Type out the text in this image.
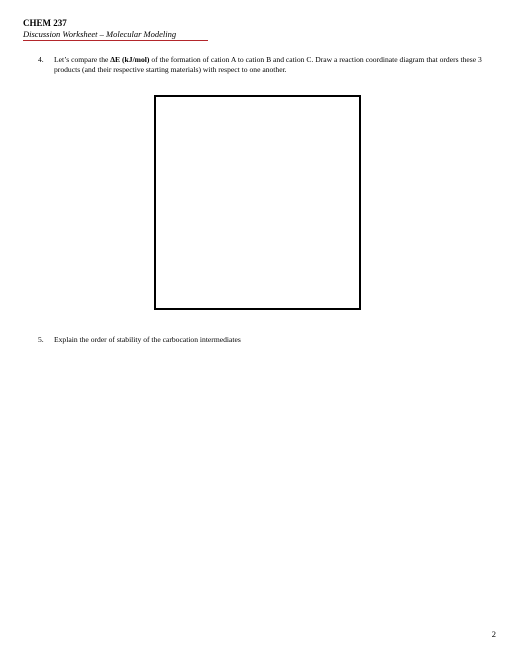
CHEM 237
Discussion Worksheet – Molecular Modeling
4.	Let’s compare the ΔE (kJ/mol) of the formation of cation A to cation B and cation C. Draw a reaction coordinate diagram that orders these 3 products (and their respective starting materials) with respect to one another.
5.	Explain the order of stability of the carbocation intermediates
2
